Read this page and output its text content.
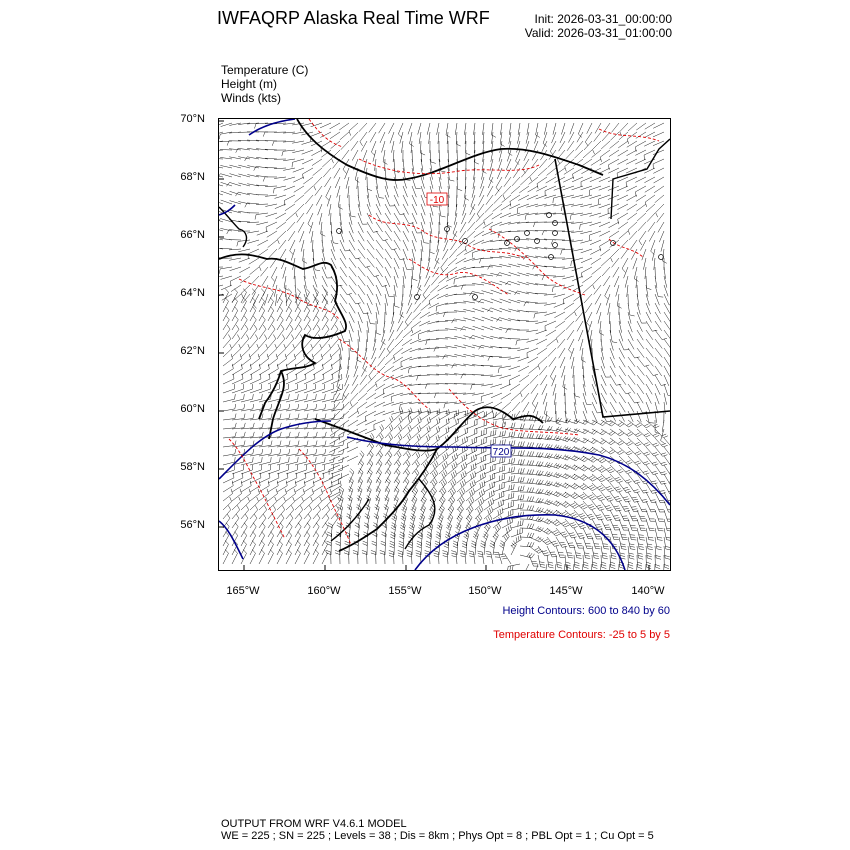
IWFAQRP Alaska Real Time WRF	Init: 2026-03-31_00:00:00
Valid: 2026-03-31_01:00:00
Temperature (C)
Height (m)
Winds (kts)
-10
720
70°N
68°N
66°N
64°N
62°N
60°N
58°N
56°N
165°W	160°W	155°W	150°W	145°W	140°W
Height Contours: 600 to 840 by 60
Temperature Contours: -25 to 5 by 5
OUTPUT FROM WRF V4.6.1 MODEL
WE = 225 ; SN = 225 ; Levels = 38 ; Dis = 8km ; Phys Opt = 8 ; PBL Opt = 1 ; Cu Opt = 5
